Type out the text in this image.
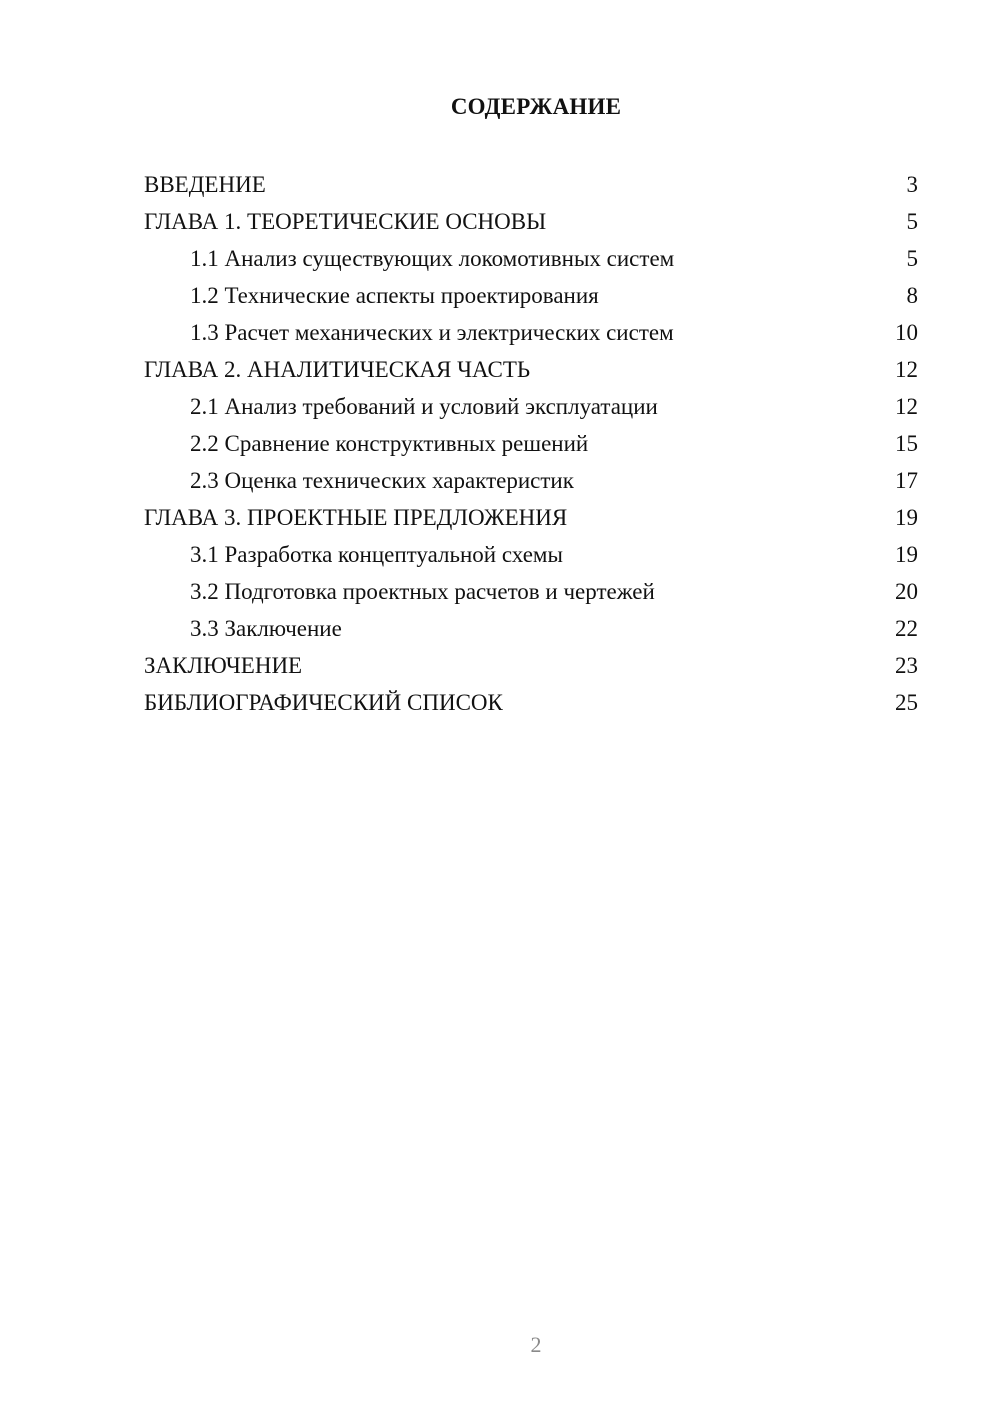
СОДЕРЖАНИЕ
ВВЕДЕНИЕ	3
ГЛАВА 1. ТЕОРЕТИЧЕСКИЕ ОСНОВЫ	5
1.1 Анализ существующих локомотивных систем	5
1.2 Технические аспекты проектирования	8
1.3 Расчет механических и электрических систем	10
ГЛАВА 2. АНАЛИТИЧЕСКАЯ ЧАСТЬ	12
2.1 Анализ требований и условий эксплуатации	12
2.2 Сравнение конструктивных решений	15
2.3 Оценка технических характеристик	17
ГЛАВА 3. ПРОЕКТНЫЕ ПРЕДЛОЖЕНИЯ	19
3.1 Разработка концептуальной схемы	19
3.2 Подготовка проектных расчетов и чертежей	20
3.3 Заключение	22
ЗАКЛЮЧЕНИЕ	23
БИБЛИОГРАФИЧЕСКИЙ СПИСОК	25
2
